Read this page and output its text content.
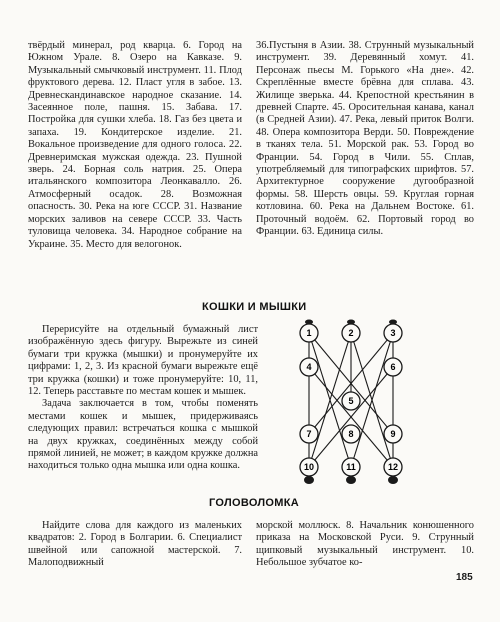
твёрдый минерал, род кварца. 6. Город на Южном Урале. 8. Озеро на Кавказе. 9. Музыкальный смычковый инструмент. 11. Плод фруктового дерева. 12. Пласт угля в забое. 13. Древнескандинавское народное сказание. 14. Засеянное поле, пашня. 15. Забава. 17. Постройка для сушки хлеба. 18. Газ без цвета и запаха. 19. Кондитерское изделие. 21. Вокальное произведение для одного голоса. 22. Древнеримская мужская одежда. 23. Пушной зверь. 24. Борная соль натрия. 25. Опера итальянского композитора Леонкавалло. 26. Атмосферный осадок. 28. Возможная опасность. 30. Река на юге СССР. 31. Название морских заливов на севере СССР. 33. Часть туловища человека. 34. Народное собрание на Украине. 35. Место для велогонок.

36.Пустыня в Азии. 38. Струнный музыкальный инструмент. 39. Деревянный хомут. 41. Персонаж пьесы М. Горького «На дне». 42. Скреплённые вместе брёвна для сплава. 43. Жилище зверька. 44. Крепостной крестьянин в древней Спарте. 45. Оросительная канава, канал (в Средней Азии). 47. Река, левый приток Волги. 48. Опера композитора Верди. 50. Повреждение в тканях тела. 51. Морской рак. 53. Город во Франции. 54. Город в Чили. 55. Сплав, употребляемый для типографских шрифтов. 57. Архитектурное сооружение дугообразной формы. 58. Шерсть овцы. 59. Круглая горная котловина. 60. Река на Дальнем Востоке. 61. Проточный водоём. 62. Портовый город во Франции. 63. Единица силы.

КОШКИ И МЫШКИ

Перерисуйте на отдельный бумажный лист изображённую здесь фигуру. Вырежьте из синей бумаги три кружка (мышки) и пронумеруйте их цифрами: 1, 2, 3. Из красной бумаги вырежьте ещё три кружка (кошки) и тоже пронумеруйте: 10, 11, 12. Теперь расставьте по местам кошек и мышек.

Задача заключается в том, чтобы поменять местами кошек и мышек, придерживаясь следующих правил: встречаться кошка с мышкой на двух кружках, соединённых между собой прямой линией, не может; в каждом кружке должна находиться только одна мышка или одна кошка.

1	2	3
4
5
6
7	8	9
10	11	12
ГОЛОВОЛОМКА

Найдите слова для каждого из маленьких квадратов: 2. Город в Болгарии. 6. Специалист швейной или сапожной мастерской. 7. Малоподвижный

морской моллюск. 8. Начальник конюшенного приказа на Московской Руси. 9. Струнный щипковый музыкальный инструмент. 10. Небольшое зубчатое ко-

185
